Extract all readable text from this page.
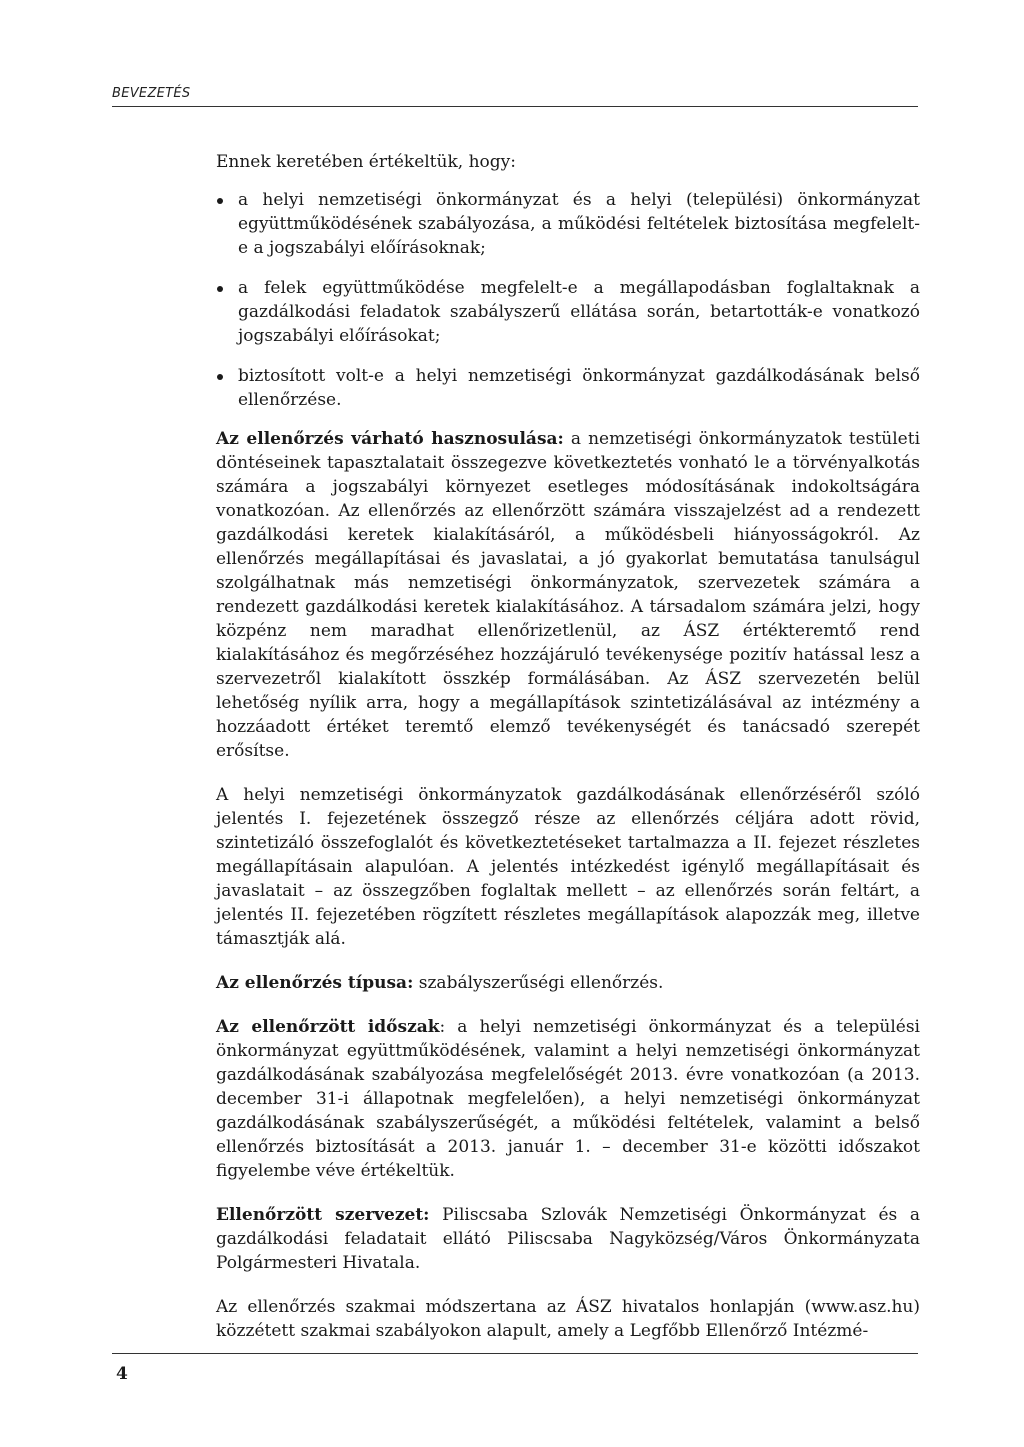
BEVEZETÉS

Ennek keretében értékeltük, hogy:

a helyi nemzetiségi önkormányzat és a helyi (települési) önkormányzat együttműködésének szabályozása, a működési feltételek biztosítása megfelelt-e a jogszabályi előírásoknak;
a felek együttműködése megfelelt-e a megállapodásban foglaltaknak a gazdálkodási feladatok szabályszerű ellátása során, betartották-e vonatkozó jogszabályi előírásokat;
biztosított volt-e a helyi nemzetiségi önkormányzat gazdálkodásának belső ellenőrzése.

Az ellenőrzés várható hasznosulása: a nemzetiségi önkormányzatok testületi döntéseinek tapasztalatait összegezve következtetés vonható le a törvényalkotás számára a jogszabályi környezet esetleges módosításának indokoltságára vonatkozóan. Az ellenőrzés az ellenőrzött számára visszajelzést ad a rendezett gazdálkodási keretek kialakításáról, a működésbeli hiányosságokról. Az ellenőrzés megállapításai és javaslatai, a jó gyakorlat bemutatása tanulságul szolgálhatnak más nemzetiségi önkormányzatok, szervezetek számára a rendezett gazdálkodási keretek kialakításához. A társadalom számára jelzi, hogy közpénz nem maradhat ellenőrizetlenül, az ÁSZ értékteremtő rend kialakításához és megőrzéséhez hozzájáruló tevékenysége pozitív hatással lesz a szervezetről kialakított összkép formálásában. Az ÁSZ szervezetén belül lehetőség nyílik arra, hogy a megállapítások szintetizálásával az intézmény a hozzáadott értéket teremtő elemző tevékenységét és tanácsadó szerepét erősítse.

A helyi nemzetiségi önkormányzatok gazdálkodásának ellenőrzéséről szóló jelentés I. fejezetének összegző része az ellenőrzés céljára adott rövid, szintetizáló összefoglalót és következtetéseket tartalmazza a II. fejezet részletes megállapításain alapulóan. A jelentés intézkedést igénylő megállapításait és javaslatait – az összegzőben foglaltak mellett – az ellenőrzés során feltárt, a jelentés II. fejezetében rögzített részletes megállapítások alapozzák meg, illetve támasztják alá.

Az ellenőrzés típusa: szabályszerűségi ellenőrzés.

Az ellenőrzött időszak: a helyi nemzetiségi önkormányzat és a települési önkormányzat együttműködésének, valamint a helyi nemzetiségi önkormányzat gazdálkodásának szabályozása megfelelőségét 2013. évre vonatkozóan (a 2013. december 31-i állapotnak megfelelően), a helyi nemzetiségi önkormányzat gazdálkodásának szabályszerűségét, a működési feltételek, valamint a belső ellenőrzés biztosítását a 2013. január 1. – december 31-e közötti időszakot figyelembe véve értékeltük.

Ellenőrzött szervezet: Piliscsaba Szlovák Nemzetiségi Önkormányzat és a gazdálkodási feladatait ellátó Piliscsaba Nagyközség/Város Önkormányzata Polgármesteri Hivatala.

Az ellenőrzés szakmai módszertana az ÁSZ hivatalos honlapján (www.asz.hu) közzétett szakmai szabályokon alapult, amely a Legfőbb Ellenőrző Intézmé-

4
